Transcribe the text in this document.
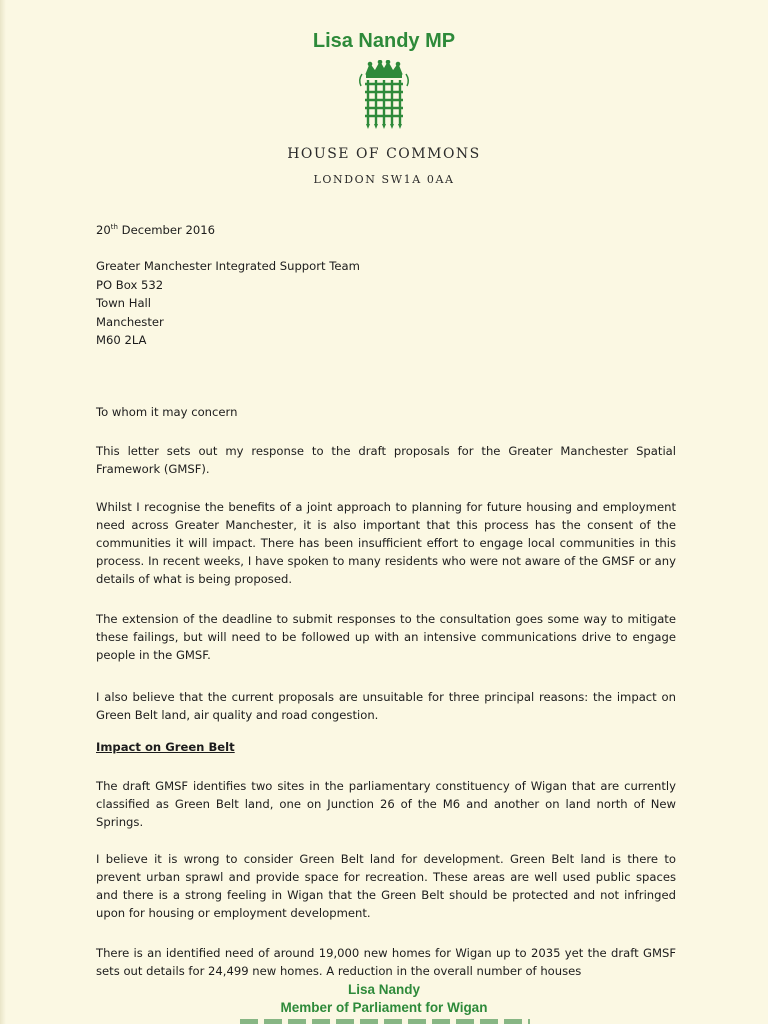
Lisa Nandy MP
HOUSE OF COMMONS
LONDON SW1A 0AA
20th December 2016
Greater Manchester Integrated Support Team
PO Box 532
Town Hall
Manchester
M60 2LA
To whom it may concern
This letter sets out my response to the draft proposals for the Greater Manchester Spatial Framework (GMSF).
Whilst I recognise the benefits of a joint approach to planning for future housing and employment need across Greater Manchester, it is also important that this process has the consent of the communities it will impact. There has been insufficient effort to engage local communities in this process. In recent weeks, I have spoken to many residents who were not aware of the GMSF or any details of what is being proposed.
The extension of the deadline to submit responses to the consultation goes some way to mitigate these failings, but will need to be followed up with an intensive communications drive to engage people in the GMSF.
I also believe that the current proposals are unsuitable for three principal reasons: the impact on Green Belt land, air quality and road congestion.
Impact on Green Belt
The draft GMSF identifies two sites in the parliamentary constituency of Wigan that are currently classified as Green Belt land, one on Junction 26 of the M6 and another on land north of New Springs.
I believe it is wrong to consider Green Belt land for development. Green Belt land is there to prevent urban sprawl and provide space for recreation. These areas are well used public spaces and there is a strong feeling in Wigan that the Green Belt should be protected and not infringed upon for housing or employment development.
There is an identified need of around 19,000 new homes for Wigan up to 2035 yet the draft GMSF sets out details for 24,499 new homes. A reduction in the overall number of houses
Lisa Nandy
Member of Parliament for Wigan
